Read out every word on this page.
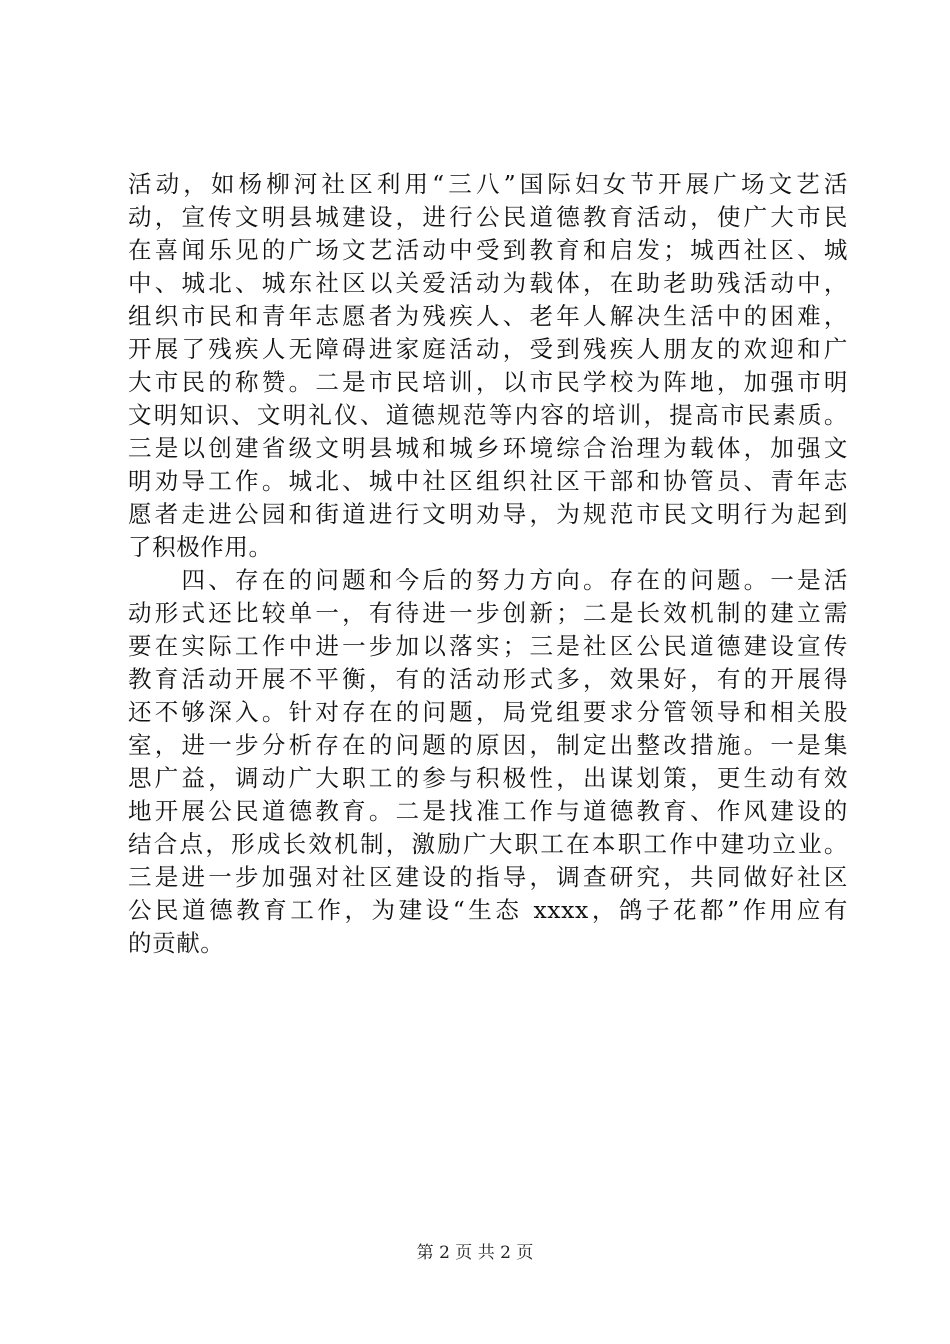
活动，如杨柳河社区利用“三八”国际妇女节开展广场文艺活
动，宣传文明县城建设，进行公民道德教育活动，使广大市民
在喜闻乐见的广场文艺活动中受到教育和启发；城西社区、城
中、城北、城东社区以关爱活动为载体，在助老助残活动中，
组织市民和青年志愿者为残疾人、老年人解决生活中的困难，
开展了残疾人无障碍进家庭活动，受到残疾人朋友的欢迎和广
大市民的称赞。二是市民培训，以市民学校为阵地，加强市明
文明知识、文明礼仪、道德规范等内容的培训，提高市民素质。
三是以创建省级文明县城和城乡环境综合治理为载体，加强文
明劝导工作。城北、城中社区组织社区干部和协管员、青年志
愿者走进公园和街道进行文明劝导，为规范市民文明行为起到
了积极作用。
　　四、存在的问题和今后的努力方向。存在的问题。一是活
动形式还比较单一，有待进一步创新；二是长效机制的建立需
要在实际工作中进一步加以落实；三是社区公民道德建设宣传
教育活动开展不平衡，有的活动形式多，效果好，有的开展得
还不够深入。针对存在的问题，局党组要求分管领导和相关股
室，进一步分析存在的问题的原因，制定出整改措施。一是集
思广益，调动广大职工的参与积极性，出谋划策，更生动有效
地开展公民道德教育。二是找准工作与道德教育、作风建设的
结合点，形成长效机制，激励广大职工在本职工作中建功立业。
三是进一步加强对社区建设的指导，调查研究，共同做好社区
公民道德教育工作，为建设“生态 xxxx，鸽子花都”作用应有
的贡献。
第 2 页 共 2 页
